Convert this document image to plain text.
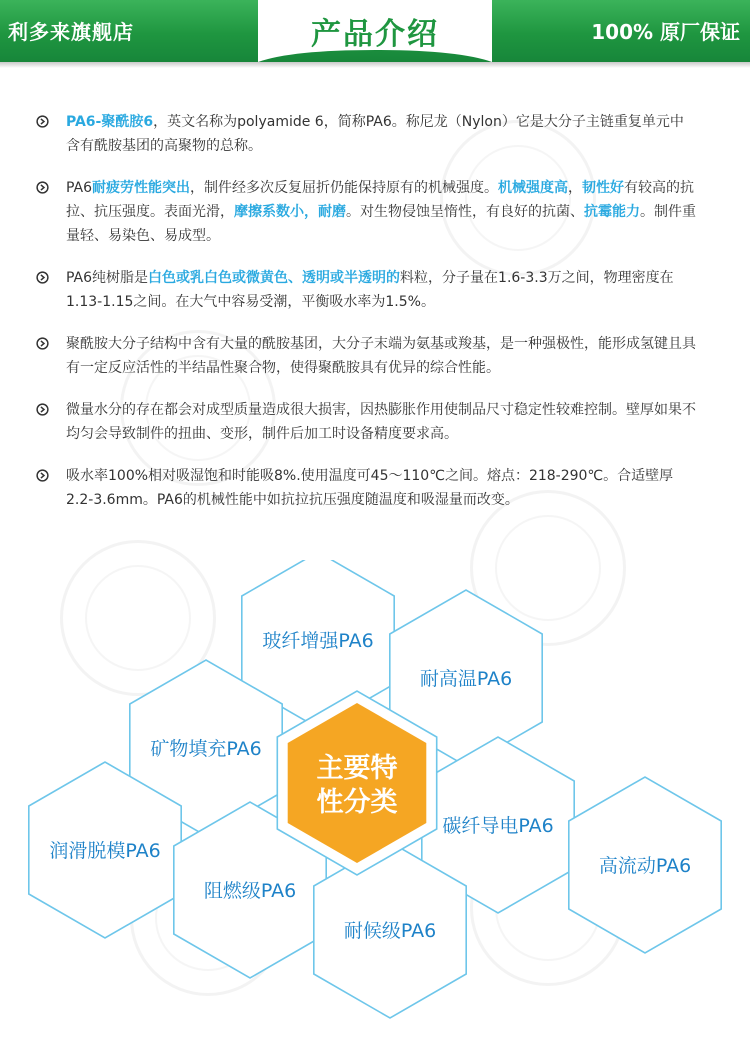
利多来旗舰店	产品介绍	100% 原厂保证
PA6-聚酰胺6，英文名称为polyamide 6，简称PA6。称尼龙（Nylon）它是大分子主链重复单元中含有酰胺基团的高聚物的总称。
PA6耐疲劳性能突出，制件经多次反复屈折仍能保持原有的机械强度。机械强度高，韧性好有较高的抗拉、抗压强度。表面光滑，摩擦系数小，耐磨。对生物侵蚀呈惰性，有良好的抗菌、抗霉能力。制件重量轻、易染色、易成型。
PA6纯树脂是白色或乳白色或微黄色、透明或半透明的料粒，分子量在1.6-3.3万之间，物理密度在1.13-1.15之间。在大气中容易受潮，平衡吸水率为1.5%。
聚酰胺大分子结构中含有大量的酰胺基团，大分子末端为氨基或羧基，是一种强极性，能形成氢键且具有一定反应活性的半结晶性聚合物，使得聚酰胺具有优异的综合性能。
微量水分的存在都会对成型质量造成很大损害，因热膨胀作用使制品尺寸稳定性较难控制。壁厚如果不均匀会导致制件的扭曲、变形，制件后加工时设备精度要求高。
吸水率100%相对吸湿饱和时能吸8%.使用温度可45～110℃之间。熔点：218-290℃。合适壁厚2.2-3.6mm。PA6的机械性能中如抗拉抗压强度随温度和吸湿量而改变。
玻纤增强PA6
耐高温PA6
矿物填充PA6
碳纤导电PA6
润滑脱模PA6
高流动PA6
阻燃级PA6
耐候级PA6
主要特
性分类
